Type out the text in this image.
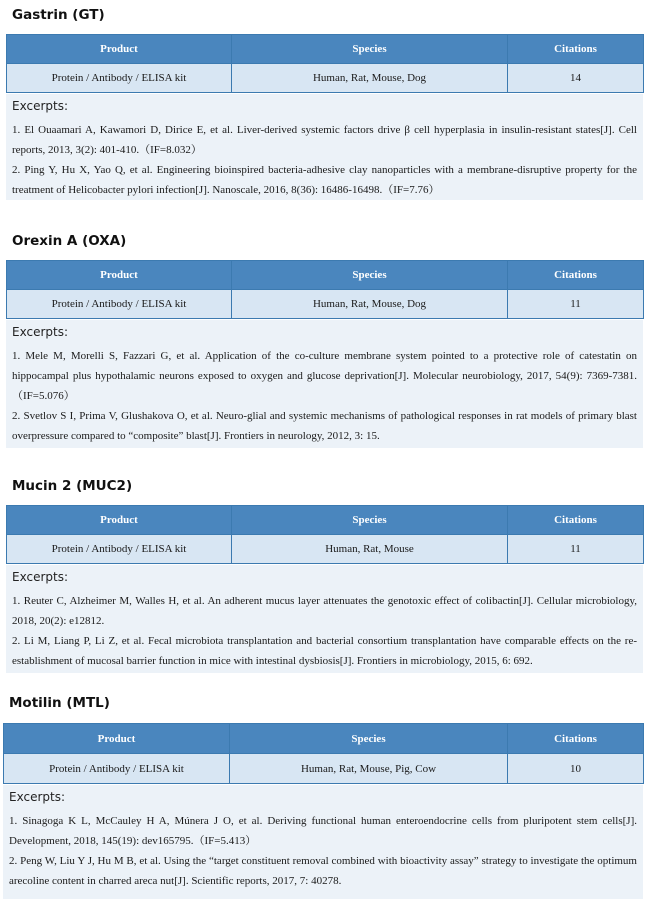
Gastrin (GT)
Product	Species	Citations
Protein / Antibody / ELISA kit	Human, Rat, Mouse, Dog	14

Excerpts:

1. El Ouaamari A, Kawamori D, Dirice E, et al. Liver-derived systemic factors drive β cell hyperplasia in insulin-resistant states[J]. Cell reports, 2013, 3(2): 401-410.（IF=8.032）

2. Ping Y, Hu X, Yao Q, et al. Engineering bioinspired bacteria-adhesive clay nanoparticles with a membrane-disruptive property for the treatment of Helicobacter pylori infection[J]. Nanoscale, 2016, 8(36): 16486-16498.（IF=7.76）

Orexin A (OXA)
Product	Species	Citations
Protein / Antibody / ELISA kit	Human, Rat, Mouse, Dog	11

Excerpts:

1. Mele M, Morelli S, Fazzari G, et al. Application of the co-culture membrane system pointed to a protective role of catestatin on hippocampal plus hypothalamic neurons exposed to oxygen and glucose deprivation[J]. Molecular neurobiology, 2017, 54(9): 7369-7381.（IF=5.076）

2. Svetlov S I, Prima V, Glushakova O, et al. Neuro-glial and systemic mechanisms of pathological responses in rat models of primary blast overpressure compared to “composite” blast[J]. Frontiers in neurology, 2012, 3: 15.

Mucin 2 (MUC2)
Product	Species	Citations
Protein / Antibody / ELISA kit	Human, Rat, Mouse	11

Excerpts:

1. Reuter C, Alzheimer M, Walles H, et al. An adherent mucus layer attenuates the genotoxic effect of colibactin[J]. Cellular microbiology, 2018, 20(2): e12812.

2. Li M, Liang P, Li Z, et al. Fecal microbiota transplantation and bacterial consortium transplantation have comparable effects on the re-establishment of mucosal barrier function in mice with intestinal dysbiosis[J]. Frontiers in microbiology, 2015, 6: 692.

Motilin (MTL)
Product	Species	Citations
Protein / Antibody / ELISA kit	Human, Rat, Mouse, Pig, Cow	10

Excerpts:

1. Sinagoga K L, McCauley H A, Múnera J O, et al. Deriving functional human enteroendocrine cells from pluripotent stem cells[J]. Development, 2018, 145(19): dev165795.（IF=5.413）

2. Peng W, Liu Y J, Hu M B, et al. Using the “target constituent removal combined with bioactivity assay” strategy to investigate the optimum arecoline content in charred areca nut[J]. Scientific reports, 2017, 7: 40278.
